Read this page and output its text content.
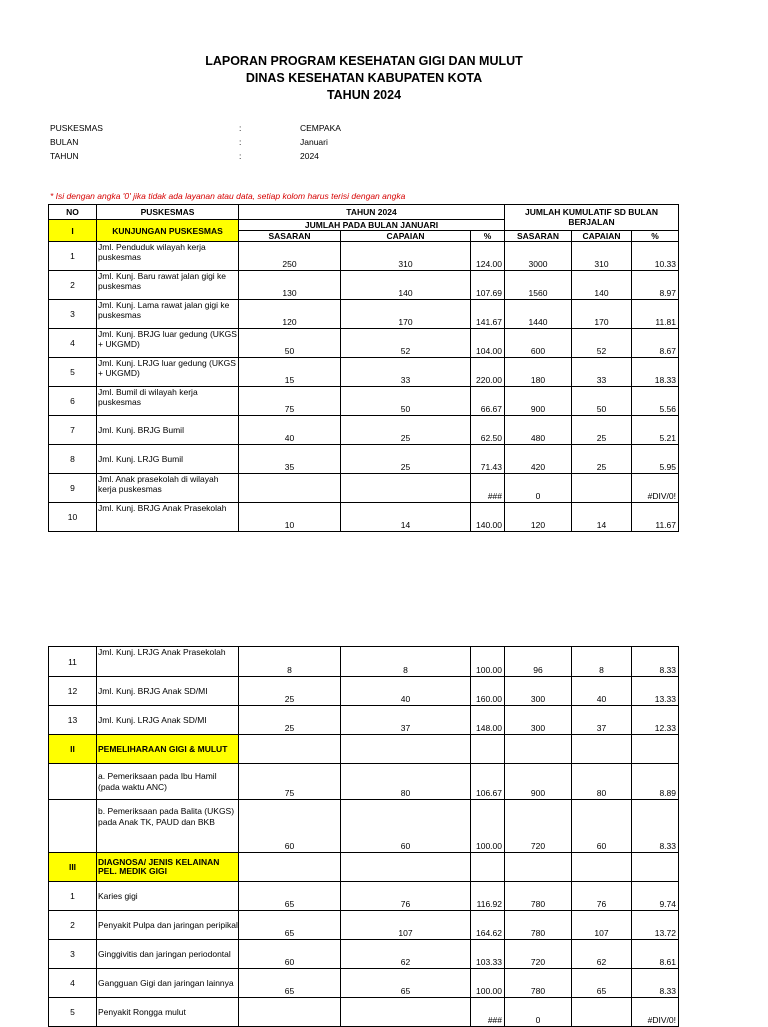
LAPORAN PROGRAM KESEHATAN GIGI DAN MULUT
DINAS KESEHATAN KABUPATEN KOTA
TAHUN 2024
PUSKESMAS	:	CEMPAKA
BULAN	:	Januari
TAHUN	:	2024
* Isi dengan angka '0' jika tidak ada layanan atau data, setiap kolom harus terisi dengan angka
NO	PUSKESMAS	TAHUN 2024			JUMLAH KUMULATIF SD BULAN BERJALAN		
I	KUNJUNGAN PUSKESMAS	JUMLAH PADA BULAN JANUARI					
		SASARAN	CAPAIAN	%	SASARAN	CAPAIAN	%
1	Jml. Penduduk wilayah kerja puskesmas	250	310	124.00	3000	310	10.33
2	Jml. Kunj. Baru rawat jalan gigi ke puskesmas	130	140	107.69	1560	140	8.97
3	Jml. Kunj. Lama rawat jalan gigi ke puskesmas	120	170	141.67	1440	170	11.81
4	Jml. Kunj. BRJG luar gedung (UKGS + UKGMD)	50	52	104.00	600	52	8.67
5	Jml. Kunj. LRJG luar gedung (UKGS + UKGMD)	15	33	220.00	180	33	18.33
6	Jml. Bumil di wilayah kerja puskesmas	75	50	66.67	900	50	5.56
7	Jml. Kunj. BRJG Bumil	40	25	62.50	480	25	5.21
8	Jml. Kunj. LRJG Bumil	35	25	71.43	420	25	5.95
9	Jml. Anak prasekolah di wilayah kerja puskesmas			###	0		#DIV/0!
10	Jml. Kunj. BRJG Anak Prasekolah	10	14	140.00	120	14	11.67
11	Jml. Kunj. LRJG Anak Prasekolah	8	8	100.00	96	8	8.33
12	Jml. Kunj. BRJG Anak SD/MI	25	40	160.00	300	40	13.33
13	Jml. Kunj. LRJG Anak SD/MI	25	37	148.00	300	37	12.33
II	PEMELIHARAAN GIGI & MULUT						
	a. Pemeriksaan pada Ibu Hamil (pada waktu ANC)	75	80	106.67	900	80	8.89
	b. Pemeriksaan pada Balita (UKGS) pada Anak TK, PAUD dan BKB	60	60	100.00	720	60	8.33
III	DIAGNOSA/ JENIS KELAINAN PEL. MEDIK GIGI						
1	Karies gigi	65	76	116.92	780	76	9.74
2	Penyakit Pulpa dan jaringan peripikal	65	107	164.62	780	107	13.72
3	Ginggivitis dan jaringan periodontal	60	62	103.33	720	62	8.61
4	Gangguan Gigi dan jaringan lainnya	65	65	100.00	780	65	8.33
5	Penyakit Rongga mulut			###	0		#DIV/0!
